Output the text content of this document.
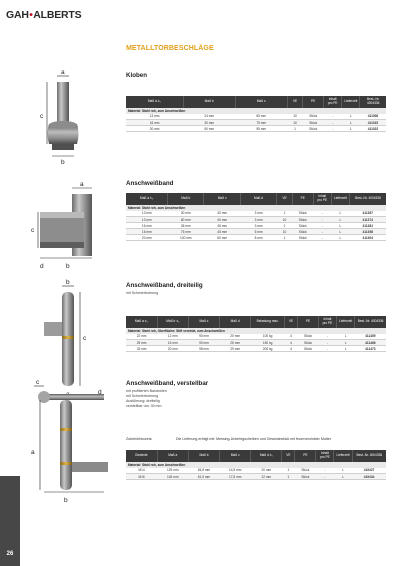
GAH•ALBERTS
METALLTORBESCHLÄGE
a
c
b
a
c
d	b
b
c
c
a
b
d
Kloben
Maß a ±₀	Maß b	Maß c	VE	PE	Inhalt pro PE	Lieferzeit	Best.-Nr. 4004336
Material: Stahl roh, zum Anschweißen							
13 mm	24 mm	65 mm	10	Stück	-	L	411008
16 mm	30 mm	75 mm	10	Stück	-	L	411015
20 mm	50 mm	95 mm	1	Stück	-	L	411022
Anschweißband
Maß a ±₀	Maß b	Maß c	Maß d	VE	PE	Inhalt pro PE	Lieferzeit	Best.-Nr. 4004336
Material: Stahl roh, zum Anschweißen								
13 mm	30 mm	40 mm	3 mm	1	Stück	-	L	411367
13 mm	80 mm	40 mm	3 mm	10	Stück	-	L	411374
16 mm	35 mm	45 mm	3 mm	1	Stück	-	L	411381
16 mm	75 mm	45 mm	5 mm	10	Stück	-	L	411398
20 mm	100 mm	60 mm	8 mm	1	Stück	-	L	411404
Anschweißband, dreiteilig
mit Schmierbohrung
Maß a ±₀	Maß b ±₀	Maß c	Maß d	Belastung max.	VE	PE	Inhalt pro PE	Lieferzeit	Best.-Nr. 4004336
Material: Stahl roh, Oberfläche: Stift verzinkt, zum Anschweißen									
22 mm	12 mm	90 mm	20 mm	100 kg	4	Stück	-	L	411459
25 mm	15 mm	90 mm	25 mm	150 kg	4	Stück	-	L	411466
33 mm	20 mm	98 mm	29 mm	200 kg	4	Stück	-	L	411473
Anschweißband, verstellbar
mit profilierten Bandrollen
mit Schmierbohrung
Ausführung: dreiteilig
verstellbar um: 30 mm
Zubehörhinweis:	Die Lieferung erfolgt mit: Messing-Unterlegscheiben und Gewindestück mit feuerverzinkter Mutter
Gewinde	Maß a	Maß b	Maß c	Maß d ±₀	VE	PE	Inhalt pro PE	Lieferzeit	Best.-Nr. 4004336
Material: Stahl roh, zum Anschweißen									
M14	125 mm	54,8 mm	14,5 mm	20 mm	1	Stück	-	L	419427
M16	145 mm	61,5 mm	17,8 mm	22 mm	1	Stück	-	L	419434
26
